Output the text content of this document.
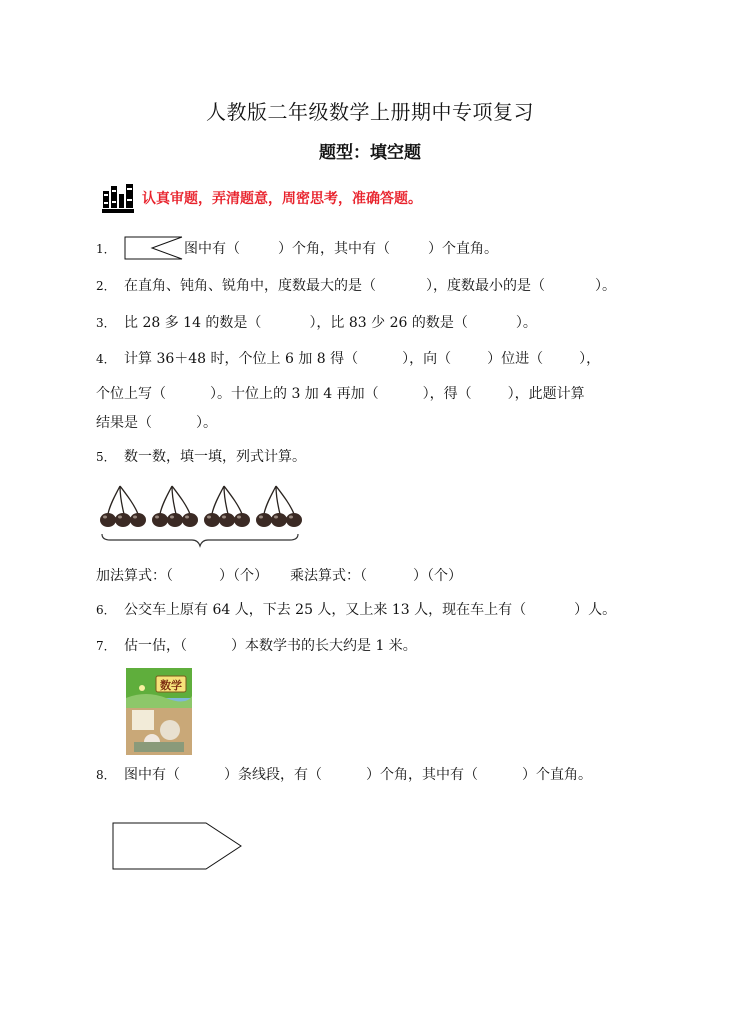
人教版二年级数学上册期中专项复习
题型：填空题
认真审题，弄清题意，周密思考，准确答题。
1．	图中有（	）个角，其中有（	）个直角。
2． 在直角、钝角、锐角中，度数最大的是（	），度数最小的是（	）。
3． 比 28 多 14 的数是（	），比 83 少 26 的数是（	）。
4． 计算 36＋48 时，个位上 6 加 8 得（	），向（	）位进（	），
个位上写（	）。十位上的 3 加 4 再加（	），得（	），此题计算
结果是（	）。
5． 数一数，填一填，列式计算。
加法算式：（	）（个） 乘法算式：（	）（个）
6． 公交车上原有 64 人，下去 25 人，又上来 13 人，现在车上有（	）人。
7． 估一估，（	）本数学书的长大约是 1 米。
数学
8． 图中有（	）条线段，有（	）个角，其中有（	）个直角。
